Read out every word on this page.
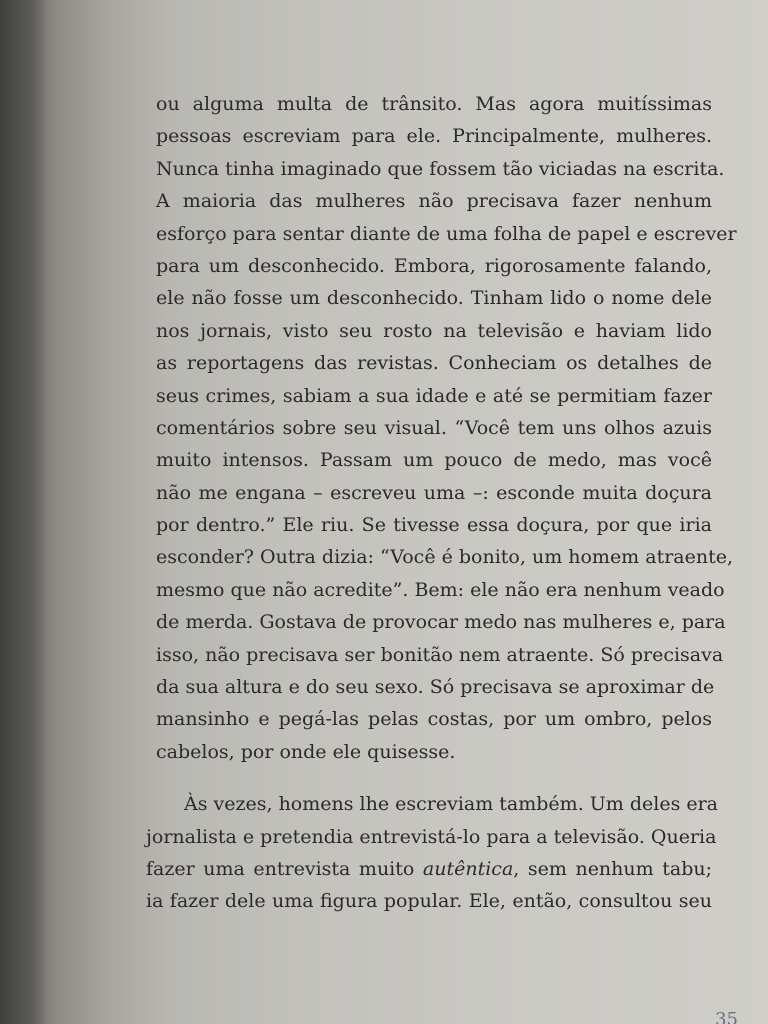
ou alguma multa de trânsito. Mas agora muitíssimas
pessoas escreviam para ele. Principalmente, mulheres.
Nunca tinha imaginado que fossem tão viciadas na escrita.
A maioria das mulheres não precisava fazer nenhum
esforço para sentar diante de uma folha de papel e escrever
para um desconhecido. Embora, rigorosamente falando,
ele não fosse um desconhecido. Tinham lido o nome dele
nos jornais, visto seu rosto na televisão e haviam lido
as reportagens das revistas. Conheciam os detalhes de
seus crimes, sabiam a sua idade e até se permitiam fazer
comentários sobre seu visual. “Você tem uns olhos azuis
muito intensos. Passam um pouco de medo, mas você
não me engana – escreveu uma –: esconde muita doçura
por dentro.” Ele riu. Se tivesse essa doçura, por que iria
esconder? Outra dizia: “Você é bonito, um homem atraente,
mesmo que não acredite”. Bem: ele não era nenhum veado
de merda. Gostava de provocar medo nas mulheres e, para
isso, não precisava ser bonitão nem atraente. Só precisava
da sua altura e do seu sexo. Só precisava se aproximar de
mansinho e pegá-las pelas costas, por um ombro, pelos
cabelos, por onde ele quisesse.
Às vezes, homens lhe escreviam também. Um deles era
jornalista e pretendia entrevistá-lo para a televisão. Queria
fazer uma entrevista muito autêntica, sem nenhum tabu;
ia fazer dele uma figura popular. Ele, então, consultou seu
35
